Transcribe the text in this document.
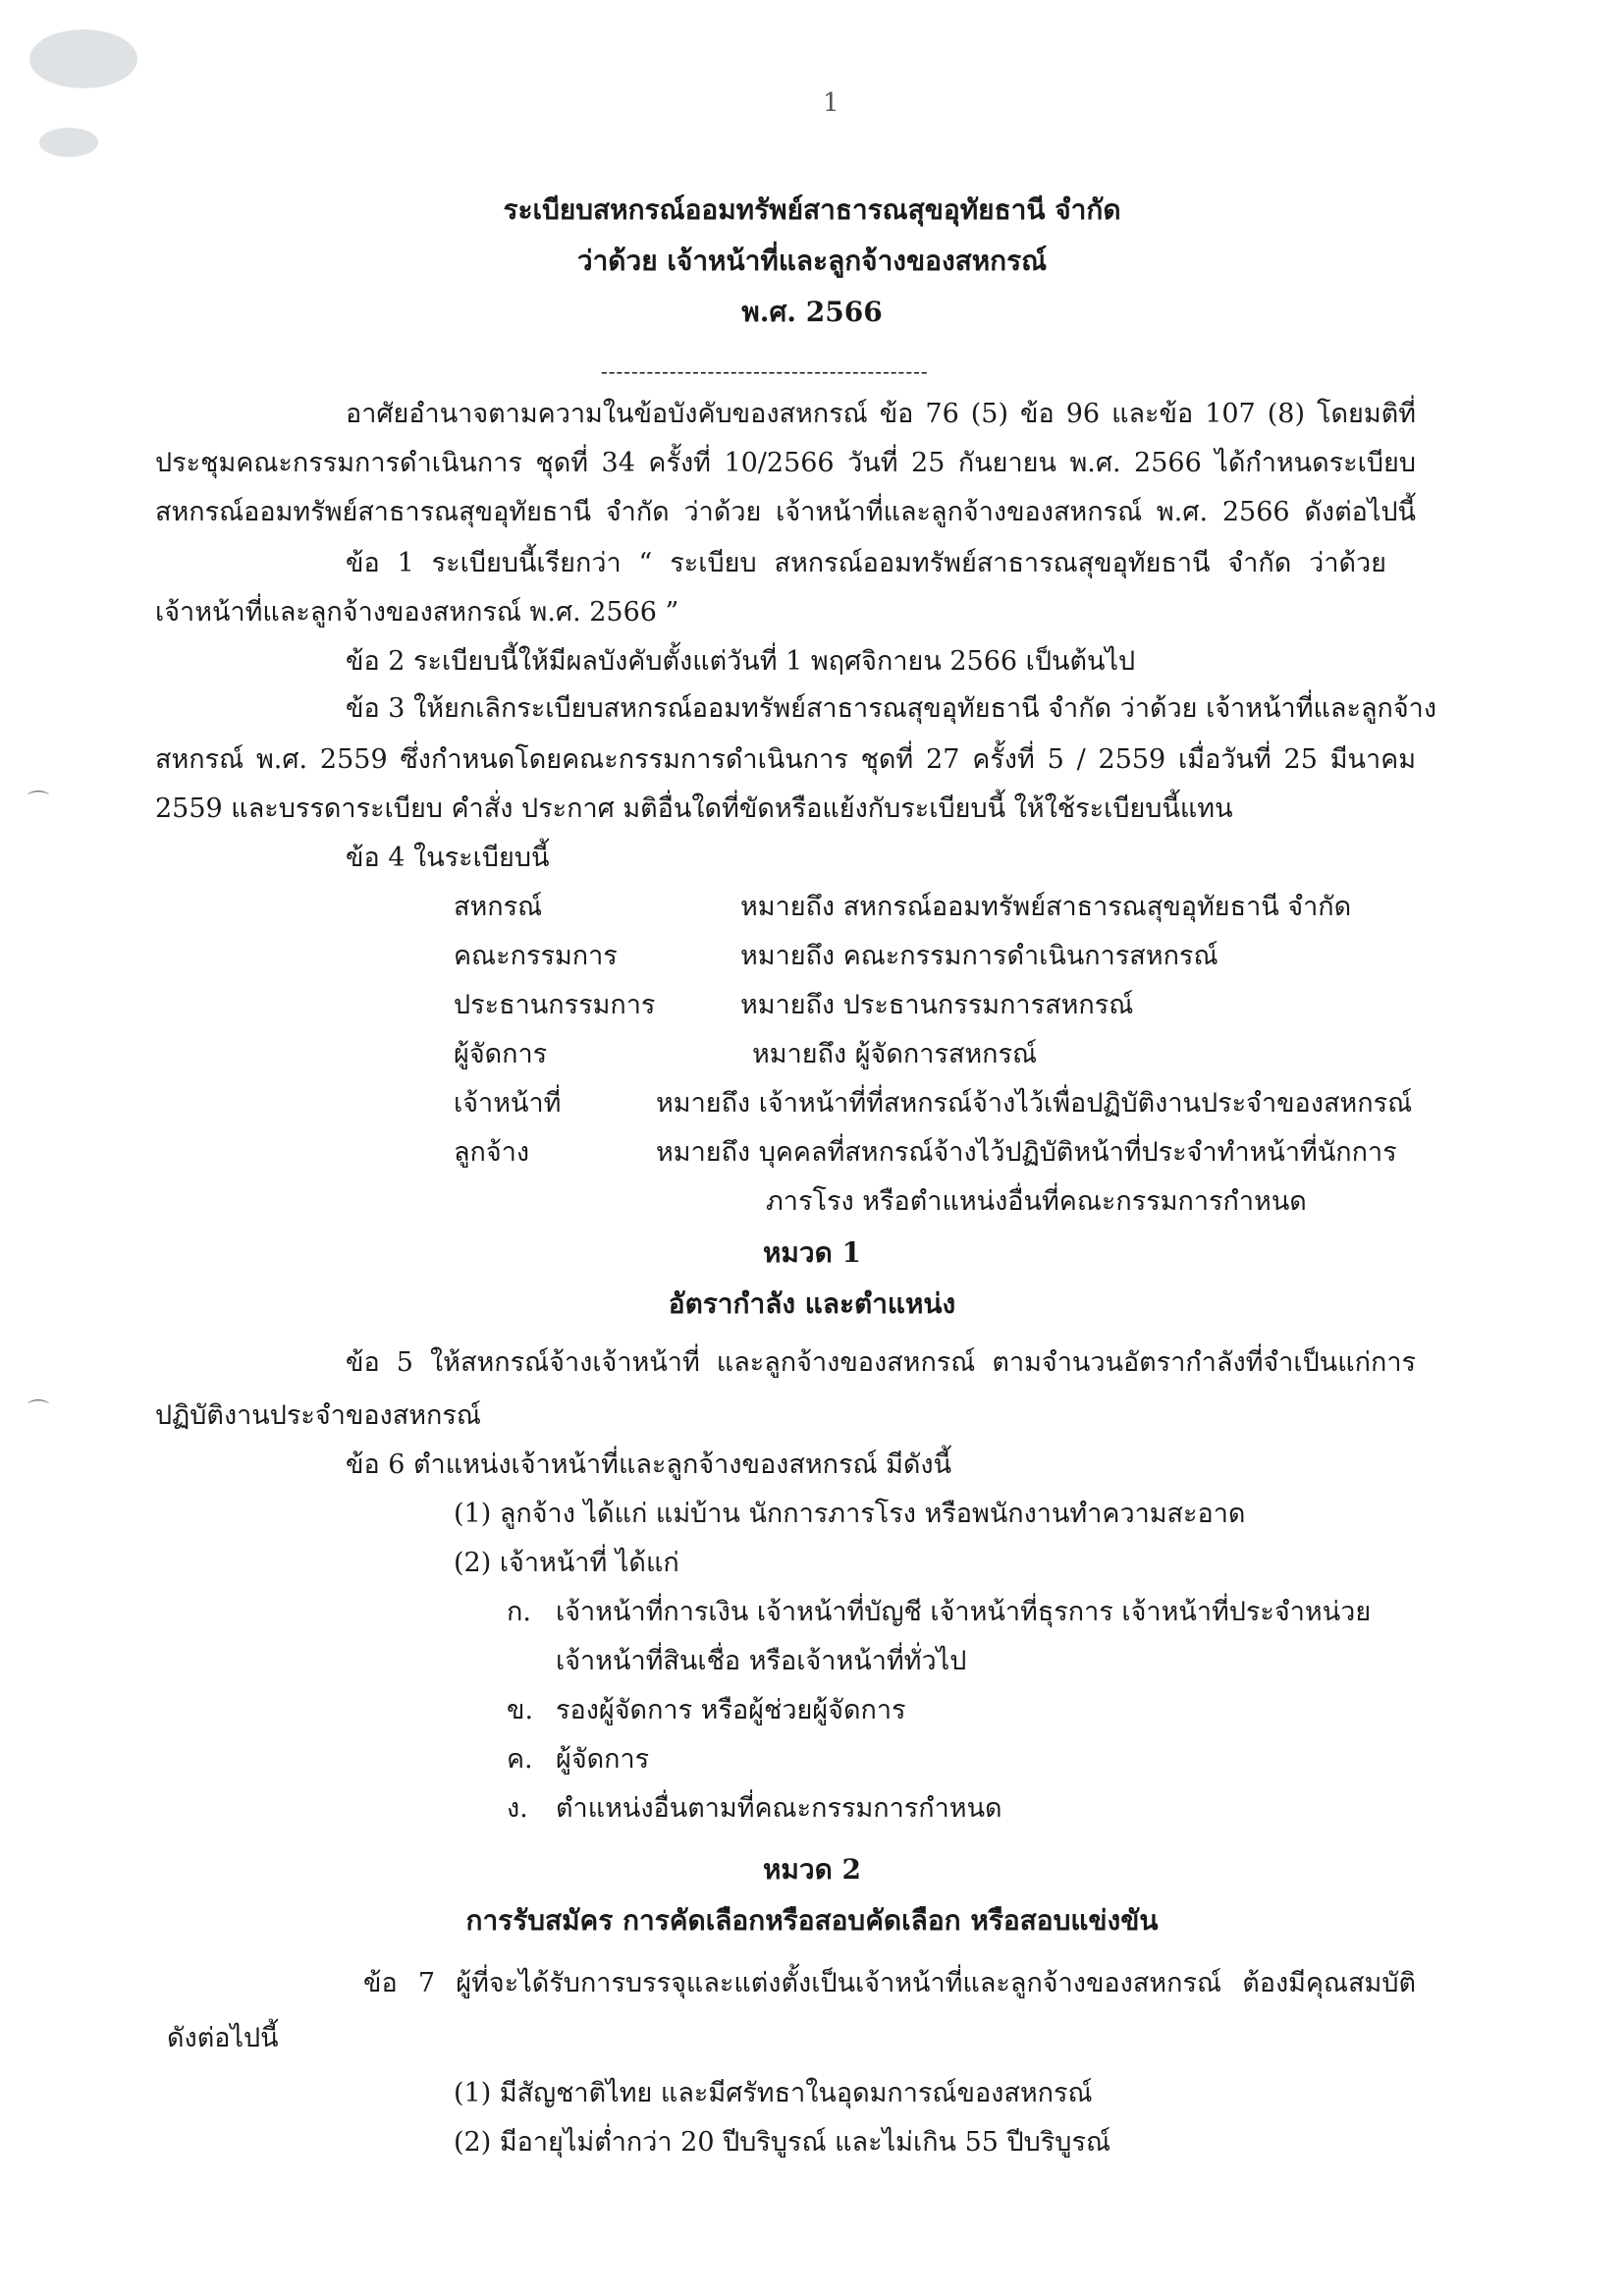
⌒
⌒
1
ระเบียบสหกรณ์ออมทรัพย์สาธารณสุขอุทัยธานี จำกัด
ว่าด้วย เจ้าหน้าที่และลูกจ้างของสหกรณ์
พ.ศ. 2566
-------------------------------------------
อาศัยอำนาจตามความในข้อบังคับของสหกรณ์ ข้อ 76 (5) ข้อ 96 และข้อ 107 (8) โดยมติที่
ประชุมคณะกรรมการดำเนินการ ชุดที่ 34 ครั้งที่ 10/2566 วันที่ 25 กันยายน พ.ศ. 2566 ได้กำหนดระเบียบ
สหกรณ์ออมทรัพย์สาธารณสุขอุทัยธานี จำกัด ว่าด้วย เจ้าหน้าที่และลูกจ้างของสหกรณ์ พ.ศ. 2566 ดังต่อไปนี้
ข้อ 1 ระเบียบนี้เรียกว่า “ ระเบียบ สหกรณ์ออมทรัพย์สาธารณสุขอุทัยธานี จำกัด ว่าด้วย
เจ้าหน้าที่และลูกจ้างของสหกรณ์ พ.ศ. 2566 ”
ข้อ 2 ระเบียบนี้ให้มีผลบังคับตั้งแต่วันที่ 1 พฤศจิกายน 2566 เป็นต้นไป
ข้อ 3 ให้ยกเลิกระเบียบสหกรณ์ออมทรัพย์สาธารณสุขอุทัยธานี จำกัด ว่าด้วย เจ้าหน้าที่และลูกจ้าง
สหกรณ์ พ.ศ. 2559 ซึ่งกำหนดโดยคณะกรรมการดำเนินการ ชุดที่ 27 ครั้งที่ 5 / 2559 เมื่อวันที่ 25 มีนาคม
2559 และบรรดาระเบียบ คำสั่ง ประกาศ มติอื่นใดที่ขัดหรือแย้งกับระเบียบนี้ ให้ใช้ระเบียบนี้แทน
ข้อ 4 ในระเบียบนี้
สหกรณ์	หมายถึง สหกรณ์ออมทรัพย์สาธารณสุขอุทัยธานี จำกัด
คณะกรรมการ	หมายถึง คณะกรรมการดำเนินการสหกรณ์
ประธานกรรมการ	หมายถึง ประธานกรรมการสหกรณ์
ผู้จัดการ	หมายถึง ผู้จัดการสหกรณ์
เจ้าหน้าที่	หมายถึง เจ้าหน้าที่ที่สหกรณ์จ้างไว้เพื่อปฏิบัติงานประจำของสหกรณ์
ลูกจ้าง	หมายถึง บุคคลที่สหกรณ์จ้างไว้ปฏิบัติหน้าที่ประจำทำหน้าที่นักการ
ภารโรง หรือตำแหน่งอื่นที่คณะกรรมการกำหนด
หมวด 1
อัตรากำลัง และตำแหน่ง
ข้อ 5 ให้สหกรณ์จ้างเจ้าหน้าที่ และลูกจ้างของสหกรณ์ ตามจำนวนอัตรากำลังที่จำเป็นแก่การ
ปฏิบัติงานประจำของสหกรณ์
ข้อ 6 ตำแหน่งเจ้าหน้าที่และลูกจ้างของสหกรณ์ มีดังนี้
(1) ลูกจ้าง ได้แก่ แม่บ้าน นักการภารโรง หรือพนักงานทำความสะอาด
(2) เจ้าหน้าที่ ได้แก่
ก. เจ้าหน้าที่การเงิน เจ้าหน้าที่บัญชี เจ้าหน้าที่ธุรการ เจ้าหน้าที่ประจำหน่วย
เจ้าหน้าที่สินเชื่อ หรือเจ้าหน้าที่ทั่วไป
ข. รองผู้จัดการ หรือผู้ช่วยผู้จัดการ
ค. ผู้จัดการ
ง. ตำแหน่งอื่นตามที่คณะกรรมการกำหนด
หมวด 2
การรับสมัคร การคัดเลือกหรือสอบคัดเลือก หรือสอบแข่งขัน
ข้อ 7 ผู้ที่จะได้รับการบรรจุและแต่งตั้งเป็นเจ้าหน้าที่และลูกจ้างของสหกรณ์ ต้องมีคุณสมบัติ
ดังต่อไปนี้
(1) มีสัญชาติไทย และมีศรัทธาในอุดมการณ์ของสหกรณ์
(2) มีอายุไม่ต่ำกว่า 20 ปีบริบูรณ์ และไม่เกิน 55 ปีบริบูรณ์
